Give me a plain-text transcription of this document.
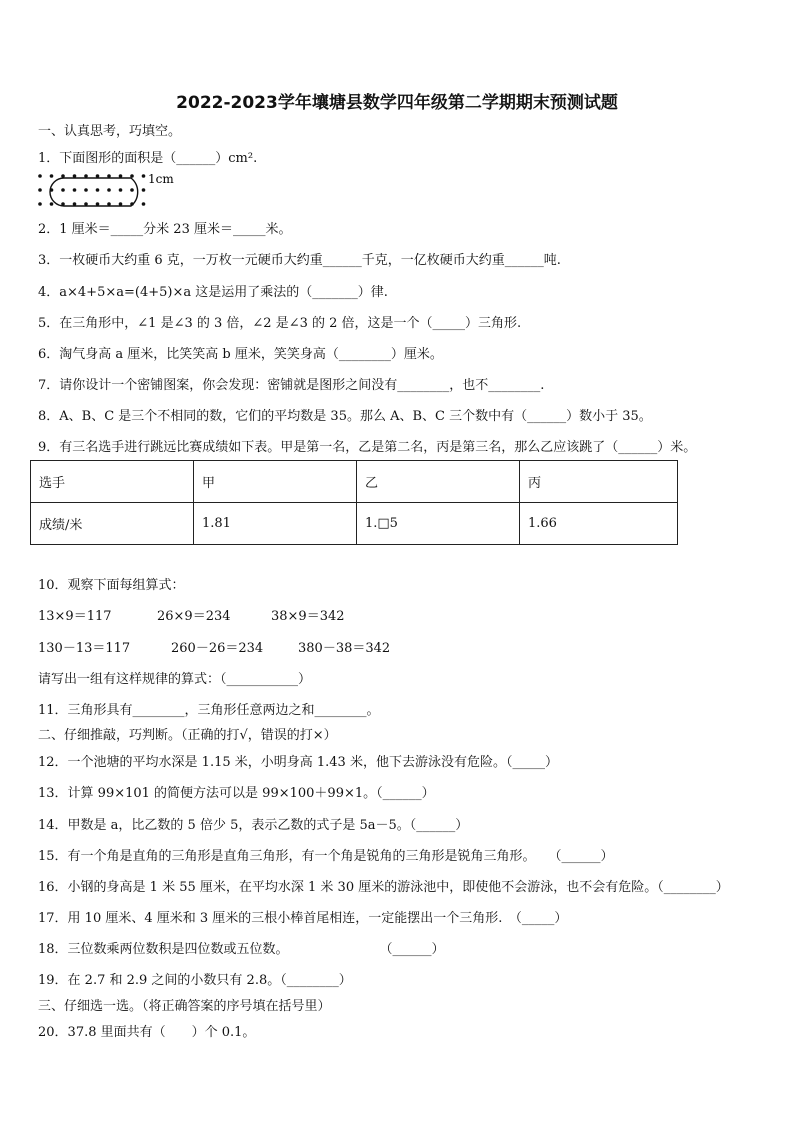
2022-2023学年壤塘县数学四年级第二学期期末预测试题
一、认真思考，巧填空。
1．下面图形的面积是（______）cm².
1cm
2．1 厘米＝_____分米 23 厘米＝_____米。
3．一枚硬币大约重 6 克，一万枚一元硬币大约重______千克，一亿枚硬币大约重______吨.
4．a×4+5×a=(4+5)×a 这是运用了乘法的（_______）律.
5．在三角形中，∠1 是∠3 的 3 倍，∠2 是∠3 的 2 倍，这是一个（_____）三角形.
6．淘气身高 a 厘米，比笑笑高 b 厘米，笑笑身高（________）厘米。
7．请你设计一个密铺图案，你会发现：密铺就是图形之间没有________，也不________.
8．A、B、C 是三个不相同的数，它们的平均数是 35。那么 A、B、C 三个数中有（______）数小于 35。
9．有三名选手进行跳远比赛成绩如下表。甲是第一名，乙是第二名，丙是第三名，那么乙应该跳了（______）米。
选手	甲	乙	丙
成绩/米	1.81	1.□5	1.66
10．观察下面每组算式：
13×9＝117	26×9＝234	38×9＝342
130－13＝117	260－26＝234	380－38＝342
请写出一组有这样规律的算式：（___________）
11．三角形具有________，三角形任意两边之和________。
二、仔细推敲，巧判断。（正确的打√，错误的打×）
12．一个池塘的平均水深是 1.15 米，小明身高 1.43 米，他下去游泳没有危险。（_____）
13．计算 99×101 的简便方法可以是 99×100＋99×1。（______）
14．甲数是 a，比乙数的 5 倍少 5，表示乙数的式子是 5a－5。（______）
15．有一个角是直角的三角形是直角三角形，有一个角是锐角的三角形是锐角三角形。　　（______）
16．小钢的身高是 1 米 55 厘米，在平均水深 1 米 30 厘米的游泳池中，即使他不会游泳，也不会有危险。（________）
17．用 10 厘米、4 厘米和 3 厘米的三根小棒首尾相连，一定能摆出一个三角形.　（_____）
18．三位数乘两位数积是四位数或五位数。　　　　　　　　（______）
19．在 2.7 和 2.9 之间的小数只有 2.8。（________）
三、仔细选一选。（将正确答案的序号填在括号里）
20．37.8 里面共有（　　）个 0.1。
